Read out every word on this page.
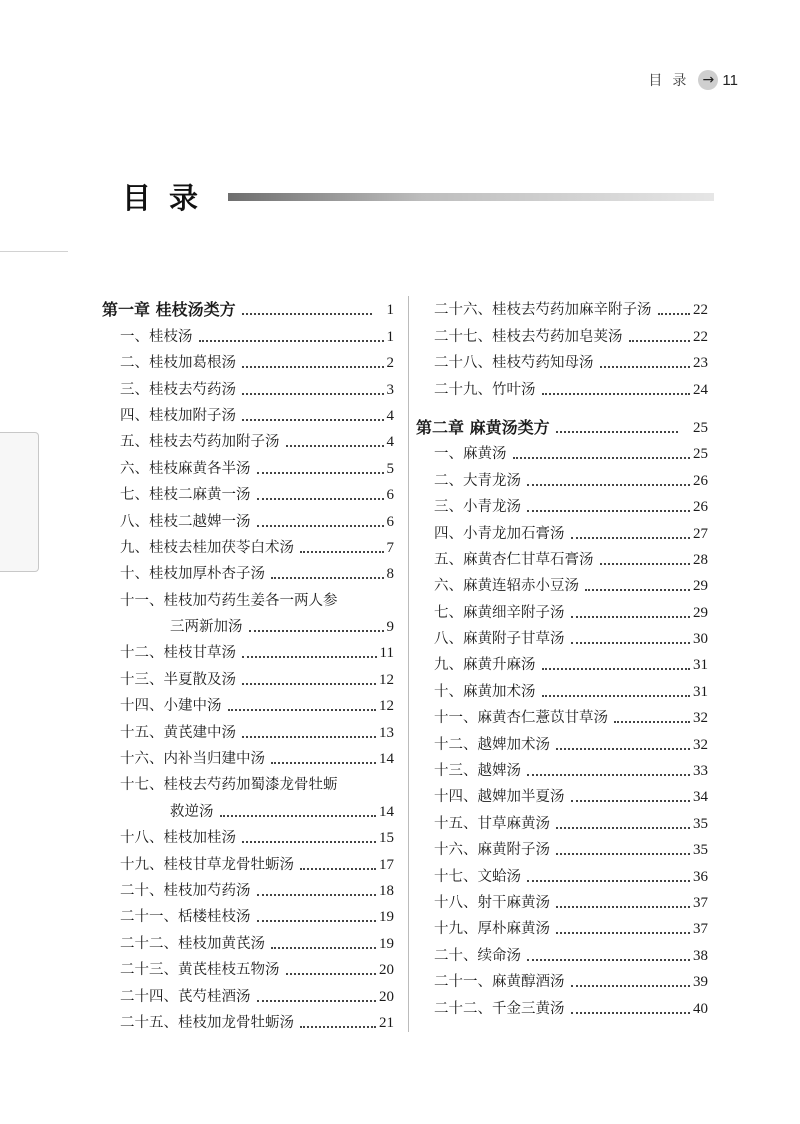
目录 → 11
目录
第一章 桂枝汤类方	1
一、桂枝汤	1
二、桂枝加葛根汤	2
三、桂枝去芍药汤	3
四、桂枝加附子汤	4
五、桂枝去芍药加附子汤	4
六、桂枝麻黄各半汤	5
七、桂枝二麻黄一汤	6
八、桂枝二越婢一汤	6
九、桂枝去桂加茯苓白术汤	7
十、桂枝加厚朴杏子汤	8
十一、桂枝加芍药生姜各一两人参
三两新加汤	9
十二、桂枝甘草汤	11
十三、半夏散及汤	12
十四、小建中汤	12
十五、黄芪建中汤	13
十六、内补当归建中汤	14
十七、桂枝去芍药加蜀漆龙骨牡蛎
救逆汤	14
十八、桂枝加桂汤	15
十九、桂枝甘草龙骨牡蛎汤	17
二十、桂枝加芍药汤	18
二十一、栝楼桂枝汤	19
二十二、桂枝加黄芪汤	19
二十三、黄芪桂枝五物汤	20
二十四、芪芍桂酒汤	20
二十五、桂枝加龙骨牡蛎汤	21
二十六、桂枝去芍药加麻辛附子汤	22
二十七、桂枝去芍药加皂荚汤	22
二十八、桂枝芍药知母汤	23
二十九、竹叶汤	24
第二章 麻黄汤类方	25
一、麻黄汤	25
二、大青龙汤	26
三、小青龙汤	26
四、小青龙加石膏汤	27
五、麻黄杏仁甘草石膏汤	28
六、麻黄连轺赤小豆汤	29
七、麻黄细辛附子汤	29
八、麻黄附子甘草汤	30
九、麻黄升麻汤	31
十、麻黄加术汤	31
十一、麻黄杏仁薏苡甘草汤	32
十二、越婢加术汤	32
十三、越婢汤	33
十四、越婢加半夏汤	34
十五、甘草麻黄汤	35
十六、麻黄附子汤	35
十七、文蛤汤	36
十八、射干麻黄汤	37
十九、厚朴麻黄汤	37
二十、续命汤	38
二十一、麻黄醇酒汤	39
二十二、千金三黄汤	40
